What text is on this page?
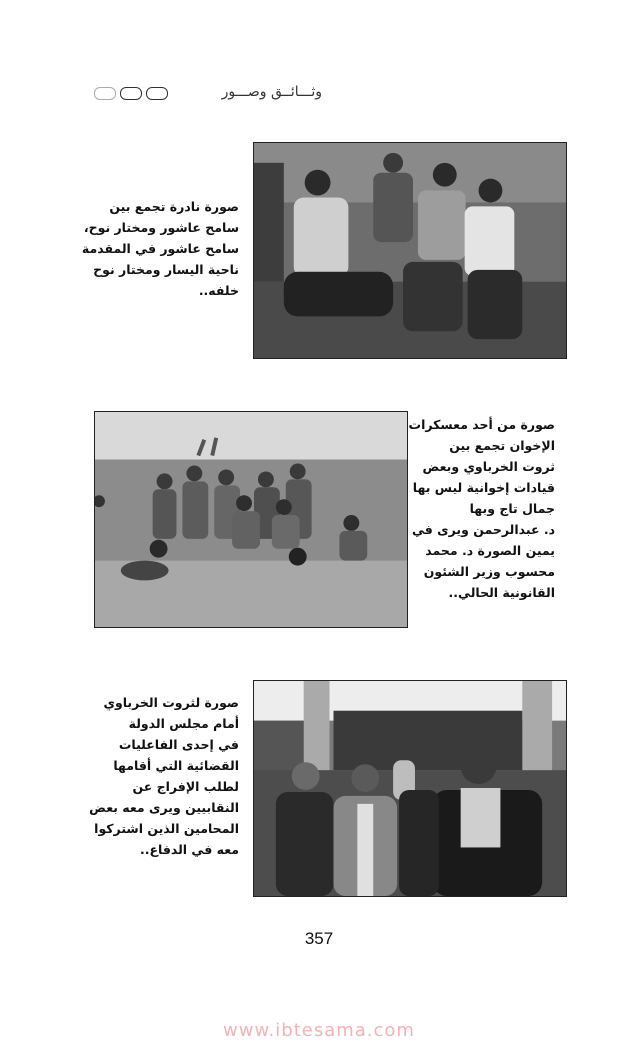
وثـــائــق وصـــور
صورة نادرة تجمع بين
سامح عاشور ومختار نوح،
سامح عاشور في المقدمة
ناحية اليسار ومختار نوح
خلفه..
صورة من أحد معسكرات
الإخوان تجمع بين
ثروت الخرباوي وبعض
قيادات إخوانية ليس بها
جمال تاج وبها
د. عبدالرحمن ويرى في
يمين الصورة د. محمد
محسوب وزير الشئون
القانونية الحالي..
صورة لثروت الخرباوي
أمام مجلس الدولة
في إحدى الفاعليات
القضائية التي أقامها
لطلب الإفراج عن
النقابيين ويرى معه بعض
المحامين الذين اشتركوا
معه في الدفاع..
357
www.ibtesama.com
